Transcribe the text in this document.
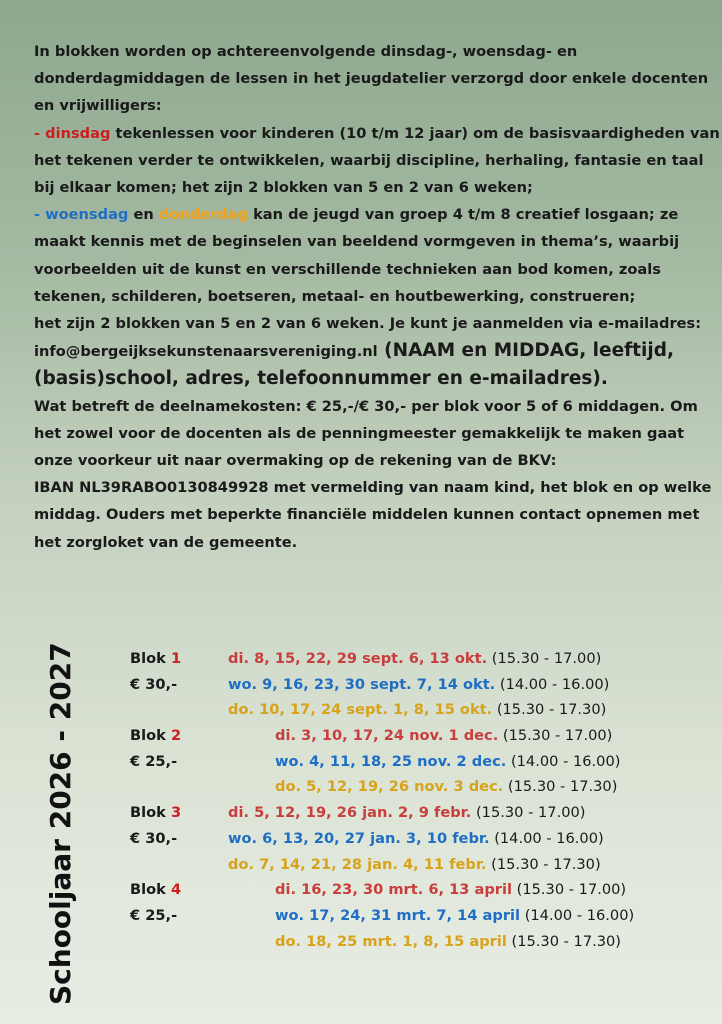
In blokken worden op achtereenvolgende dinsdag-, woensdag- en
donderdagmiddagen de lessen in het jeugdatelier verzorgd door enkele docenten
en vrijwilligers:
- dinsdag tekenlessen voor kinderen (10 t/m 12 jaar) om de basisvaardigheden van
het tekenen verder te ontwikkelen, waarbij discipline, herhaling, fantasie en taal
bij elkaar komen; het zijn 2 blokken van 5 en 2 van 6 weken;
- woensdag en donderdag kan de jeugd van groep 4 t/m 8 creatief losgaan; ze
maakt kennis met de beginselen van beeldend vormgeven in thema’s, waarbij
voorbeelden uit de kunst en verschillende technieken aan bod komen, zoals
tekenen, schilderen, boetseren, metaal- en houtbewerking, construeren;
het zijn 2 blokken van 5 en 2 van 6 weken. Je kunt je aanmelden via e-mailadres:
info@bergeijksekunstenaarsvereniging.nl (NAAM en MIDDAG, leeftijd,
(basis)school, adres, telefoonnummer en e-mailadres).
Wat betreft de deelnamekosten: € 25,-/€ 30,- per blok voor 5 of 6 middagen. Om
het zowel voor de docenten als de penningmeester gemakkelijk te maken gaat
onze voorkeur uit naar overmaking op de rekening van de BKV:
IBAN NL39RABO0130849928 met vermelding van naam kind, het blok en op welke
middag. Ouders met beperkte financiële middelen kunnen contact opnemen met
het zorgloket van de gemeente.
Schooljaar 2026 - 2027	Blok 1	di. 8, 15, 22, 29 sept. 6, 13 okt. (15.30 - 17.00)
€ 30,-	wo. 9, 16, 23, 30 sept. 7, 14 okt. (14.00 - 16.00)
do. 10, 17, 24 sept. 1, 8, 15 okt. (15.30 - 17.30)
Blok 2	di. 3, 10, 17, 24 nov. 1 dec. (15.30 - 17.00)
€ 25,-	wo. 4, 11, 18, 25 nov. 2 dec. (14.00 - 16.00)
do. 5, 12, 19, 26 nov. 3 dec. (15.30 - 17.30)
Blok 3	di. 5, 12, 19, 26 jan. 2, 9 febr. (15.30 - 17.00)
€ 30,-	wo. 6, 13, 20, 27 jan. 3, 10 febr. (14.00 - 16.00)
do. 7, 14, 21, 28 jan. 4, 11 febr. (15.30 - 17.30)
Blok 4	di. 16, 23, 30 mrt. 6, 13 april (15.30 - 17.00)
€ 25,-	wo. 17, 24, 31 mrt. 7, 14 april (14.00 - 16.00)
do. 18, 25 mrt. 1, 8, 15 april (15.30 - 17.30)
